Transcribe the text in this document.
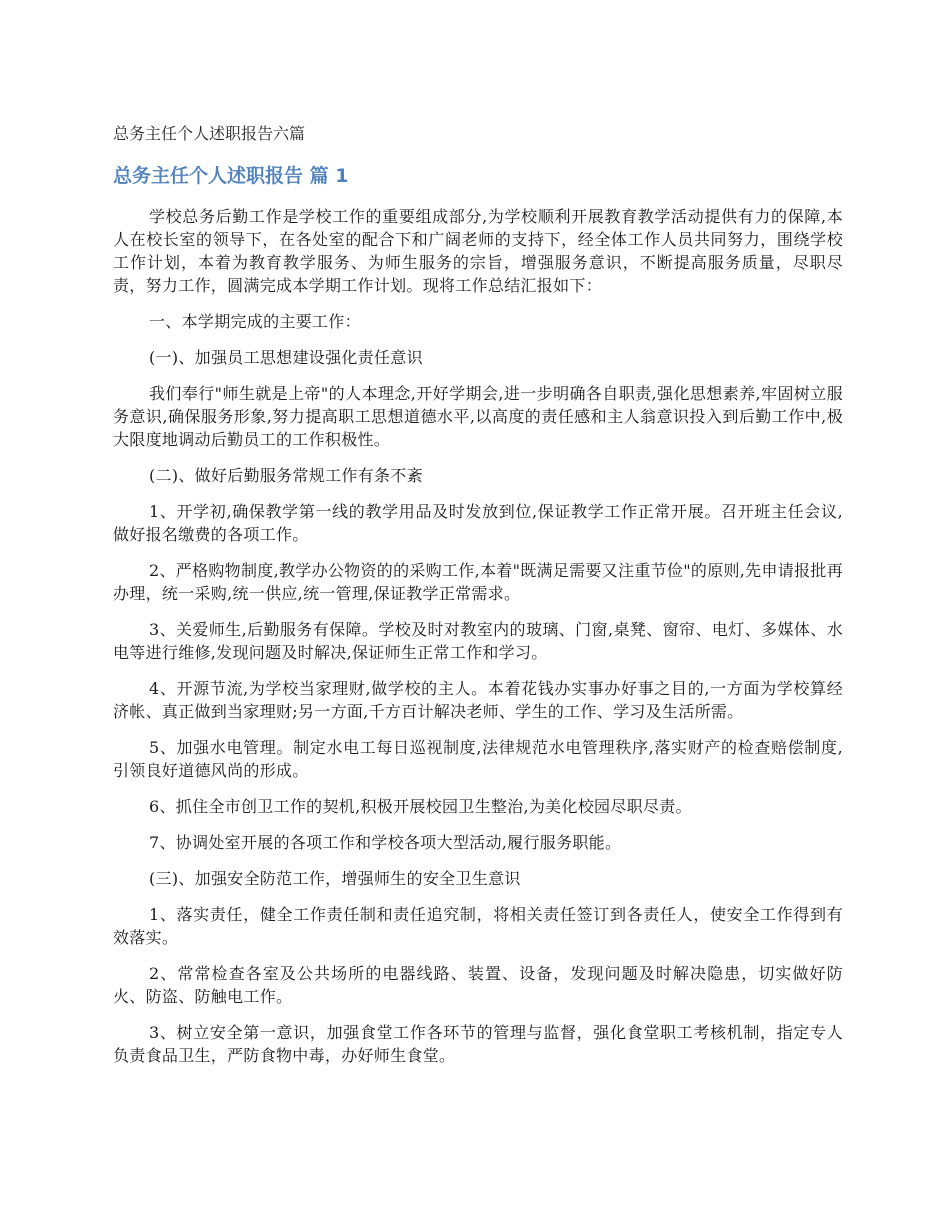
总务主任个人述职报告六篇
总务主任个人述职报告 篇 1

学校总务后勤工作是学校工作的重要组成部分,为学校顺利开展教育教学活动提供有力的保障,本人在校长室的领导下，在各处室的配合下和广阔老师的支持下，经全体工作人员共同努力，围绕学校工作计划，本着为教育教学服务、为师生服务的宗旨，增强服务意识，不断提高服务质量，尽职尽责，努力工作，圆满完成本学期工作计划。现将工作总结汇报如下：

一、本学期完成的主要工作：

(一)、加强员工思想建设强化责任意识

我们奉行"师生就是上帝"的人本理念,开好学期会,进一步明确各自职责,强化思想素养,牢固树立服务意识,确保服务形象,努力提高职工思想道德水平,以高度的责任感和主人翁意识投入到后勤工作中,极大限度地调动后勤员工的工作积极性。

(二)、做好后勤服务常规工作有条不紊

1、开学初,确保教学第一线的教学用品及时发放到位,保证教学工作正常开展。召开班主任会议,做好报名缴费的各项工作。

2、严格购物制度,教学办公物资的的采购工作,本着"既满足需要又注重节俭"的原则,先申请报批再办理，统一采购,统一供应,统一管理,保证教学正常需求。

3、关爱师生,后勤服务有保障。学校及时对教室内的玻璃、门窗,桌凳、窗帘、电灯、多媒体、水电等进行维修,发现问题及时解决,保证师生正常工作和学习。

4、开源节流,为学校当家理财,做学校的主人。本着花钱办实事办好事之目的,一方面为学校算经济帐、真正做到当家理财;另一方面,千方百计解决老师、学生的工作、学习及生活所需。

5、加强水电管理。制定水电工每日巡视制度,法律规范水电管理秩序,落实财产的检查赔偿制度,引领良好道德风尚的形成。

6、抓住全市创卫工作的契机,积极开展校园卫生整治,为美化校园尽职尽责。

7、协调处室开展的各项工作和学校各项大型活动,履行服务职能。

(三)、加强安全防范工作，增强师生的安全卫生意识

1、落实责任，健全工作责任制和责任追究制，将相关责任签订到各责任人，使安全工作得到有效落实。

2、常常检查各室及公共场所的电器线路、装置、设备，发现问题及时解决隐患，切实做好防火、防盗、防触电工作。

3、树立安全第一意识，加强食堂工作各环节的管理与监督，强化食堂职工考核机制，指定专人负责食品卫生，严防食物中毒，办好师生食堂。
